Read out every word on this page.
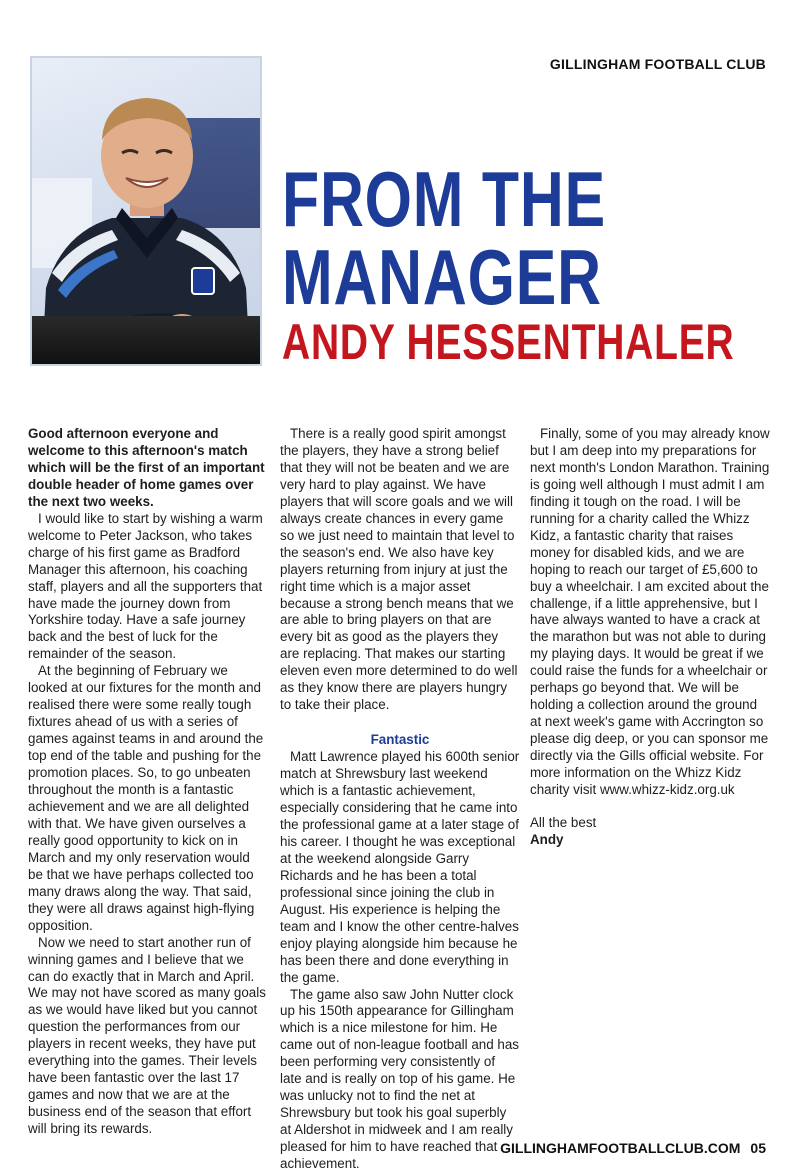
GILLINGHAM FOOTBALL CLUB
FROM THE
MANAGER
ANDY HESSENTHALER

Good afternoon everyone and welcome to this afternoon's match which will be the first of an important double header of home games over the next two weeks.

I would like to start by wishing a warm welcome to Peter Jackson, who takes charge of his first game as Bradford Manager this afternoon, his coaching staff, players and all the supporters that have made the journey down from Yorkshire today. Have a safe journey back and the best of luck for the remainder of the season.

At the beginning of February we looked at our fixtures for the month and realised there were some really tough fixtures ahead of us with a series of games against teams in and around the top end of the table and pushing for the promotion places. So, to go unbeaten throughout the month is a fantastic achievement and we are all delighted with that. We have given ourselves a really good opportunity to kick on in March and my only reservation would be that we have perhaps collected too many draws along the way. That said, they were all draws against high-flying opposition.

Now we need to start another run of winning games and I believe that we can do exactly that in March and April. We may not have scored as many goals as we would have liked but you cannot question the performances from our players in recent weeks, they have put everything into the games. Their levels have been fantastic over the last 17 games and now that we are at the business end of the season that effort will bring its rewards.

There is a really good spirit amongst the players, they have a strong belief that they will not be beaten and we are very hard to play against. We have players that will score goals and we will always create chances in every game so we just need to maintain that level to the season's end. We also have key players returning from injury at just the right time which is a major asset because a strong bench means that we are able to bring players on that are every bit as good as the players they are replacing. That makes our starting eleven even more determined to do well as they know there are players hungry to take their place.

Fantastic

Matt Lawrence played his 600th senior match at Shrewsbury last weekend which is a fantastic achievement, especially considering that he came into the professional game at a later stage of his career. I thought he was exceptional at the weekend alongside Garry Richards and he has been a total professional since joining the club in August. His experience is helping the team and I know the other centre-halves enjoy playing alongside him because he has been there and done everything in the game.

The game also saw John Nutter clock up his 150th appearance for Gillingham which is a nice milestone for him. He came out of non-league football and has been performing very consistently of late and is really on top of his game. He was unlucky not to find the net at Shrewsbury but took his goal superbly at Aldershot in midweek and I am really pleased for him to have reached that achievement.

Finally, some of you may already know but I am deep into my preparations for next month's London Marathon. Training is going well although I must admit I am finding it tough on the road. I will be running for a charity called the Whizz Kidz, a fantastic charity that raises money for disabled kids, and we are hoping to reach our target of £5,600 to buy a wheelchair. I am excited about the challenge, if a little apprehensive, but I have always wanted to have a crack at the marathon but was not able to during my playing days. It would be great if we could raise the funds for a wheelchair or perhaps go beyond that. We will be holding a collection around the ground at next week's game with Accrington so please dig deep, or you can sponsor me directly via the Gills official website. For more information on the Whizz Kidz charity visit www.whizz-kidz.org.uk

All the best

Andy

GILLINGHAMFOOTBALLCLUB.COM 05
